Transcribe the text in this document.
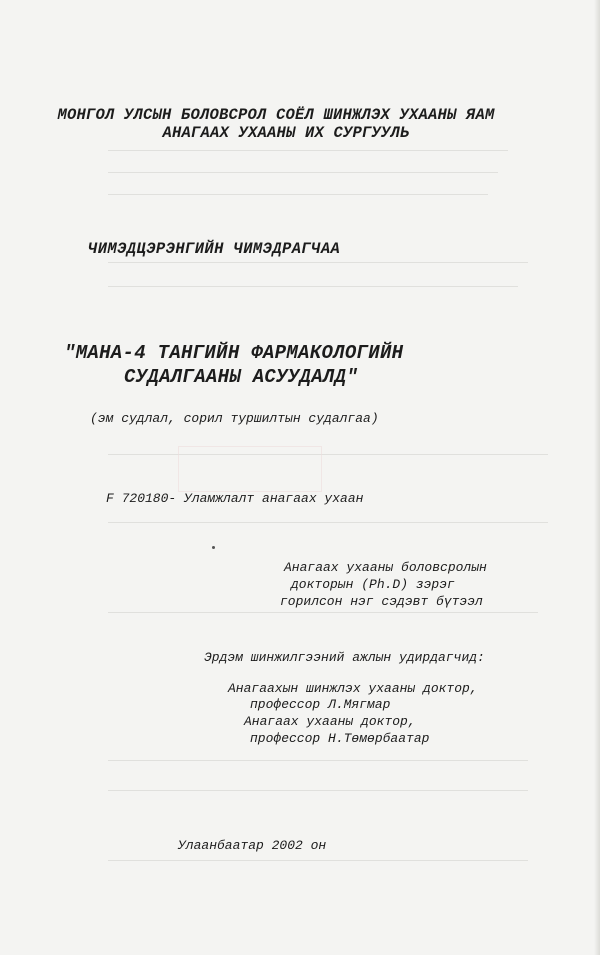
МОНГОЛ УЛСЫН БОЛОВСРОЛ СОЁЛ ШИНЖЛЭХ УХААНЫ ЯАМ
АНАГААХ УХААНЫ ИХ СУРГУУЛЬ
ЧИМЭДЦЭРЭНГИЙН ЧИМЭДРАГЧАА
"МАНА-4 ТАНГИЙН ФАРМАКОЛОГИЙН
СУДАЛГААНЫ АСУУДАЛД"
(эм судлал, сорил туршилтын судалгаа)
F 720180- Уламжлалт анагаах ухаан
Анагаах ухааны боловсролын
докторын (Ph.D) зэрэг
горилсон нэг сэдэвт бүтээл
Эрдэм шинжилгээний ажлын удирдагчид:
Анагаахын шинжлэх ухааны доктор,
профессор Л.Мягмар
Анагаах ухааны доктор,
профессор Н.Төмөрбаатар
Улаанбаатар 2002 он
